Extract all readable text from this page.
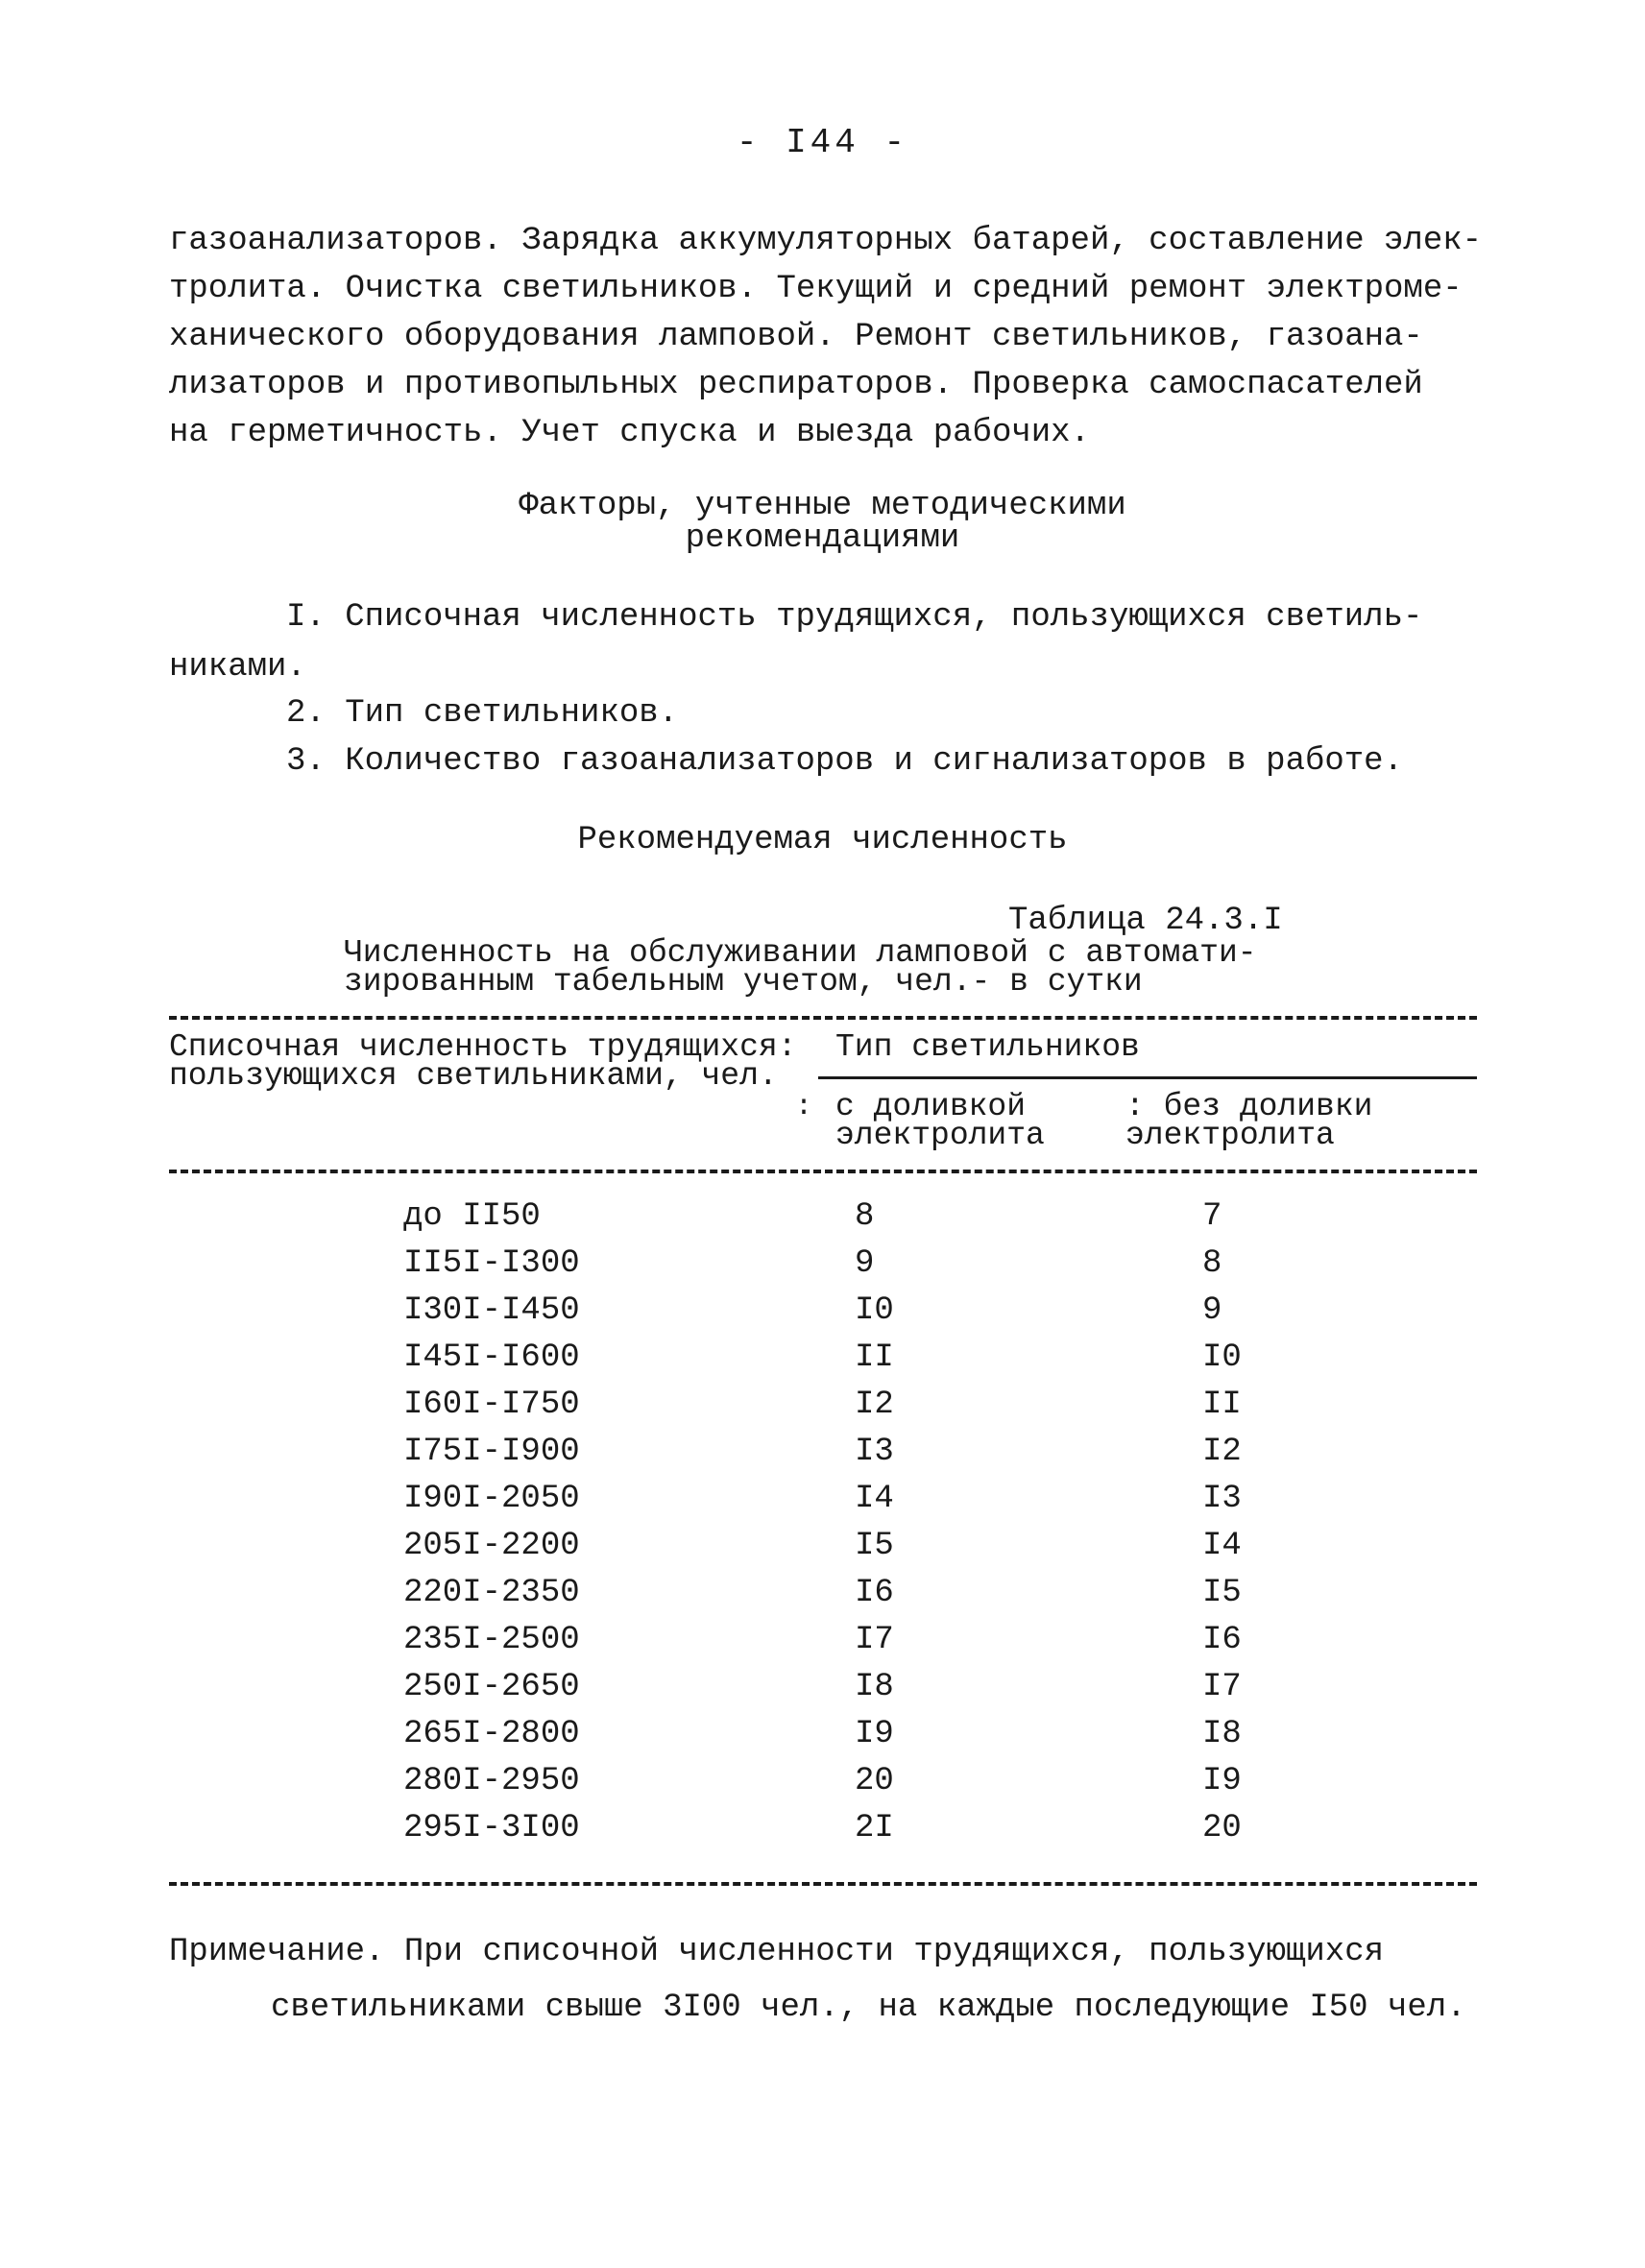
- I44 -
газоанализаторов. Зарядка аккумуляторных батарей, составление элек-
тролита. Очистка светильников. Текущий и средний ремонт электроме-
ханического оборудования ламповой. Ремонт светильников, газоана-
лизаторов и противопыльных респираторов. Проверка самоспасателей
на герметичность. Учет спуска и выезда рабочих.
Факторы, учтенные методическими
рекомендациями
I. Списочная численность трудящихся, пользующихся светиль-
никами.
2. Тип светильников.
3. Количество газоанализаторов и сигнализаторов в работе.
Рекомендуемая численность
Таблица 24.3.I
Численность на обслуживании ламповой с автомати-
зированным табельным учетом, чел.- в сутки
Списочная численность трудящихся:
пользующихся светильниками, чел.
Тип светильников
: с доливкой
электролита
: без доливки
электролита
до II50	8	7
II5I-I300	9	8
I30I-I450	I0	9
I45I-I600	II	I0
I60I-I750	I2	II
I75I-I900	I3	I2
I90I-2050	I4	I3
205I-2200	I5	I4
220I-2350	I6	I5
235I-2500	I7	I6
250I-2650	I8	I7
265I-2800	I9	I8
280I-2950	20	I9
295I-3I00	2I	20
Примечание. При списочной численности трудящихся, пользующихся
светильниками свыше 3I00 чел., на каждые последующие I50 чел.
